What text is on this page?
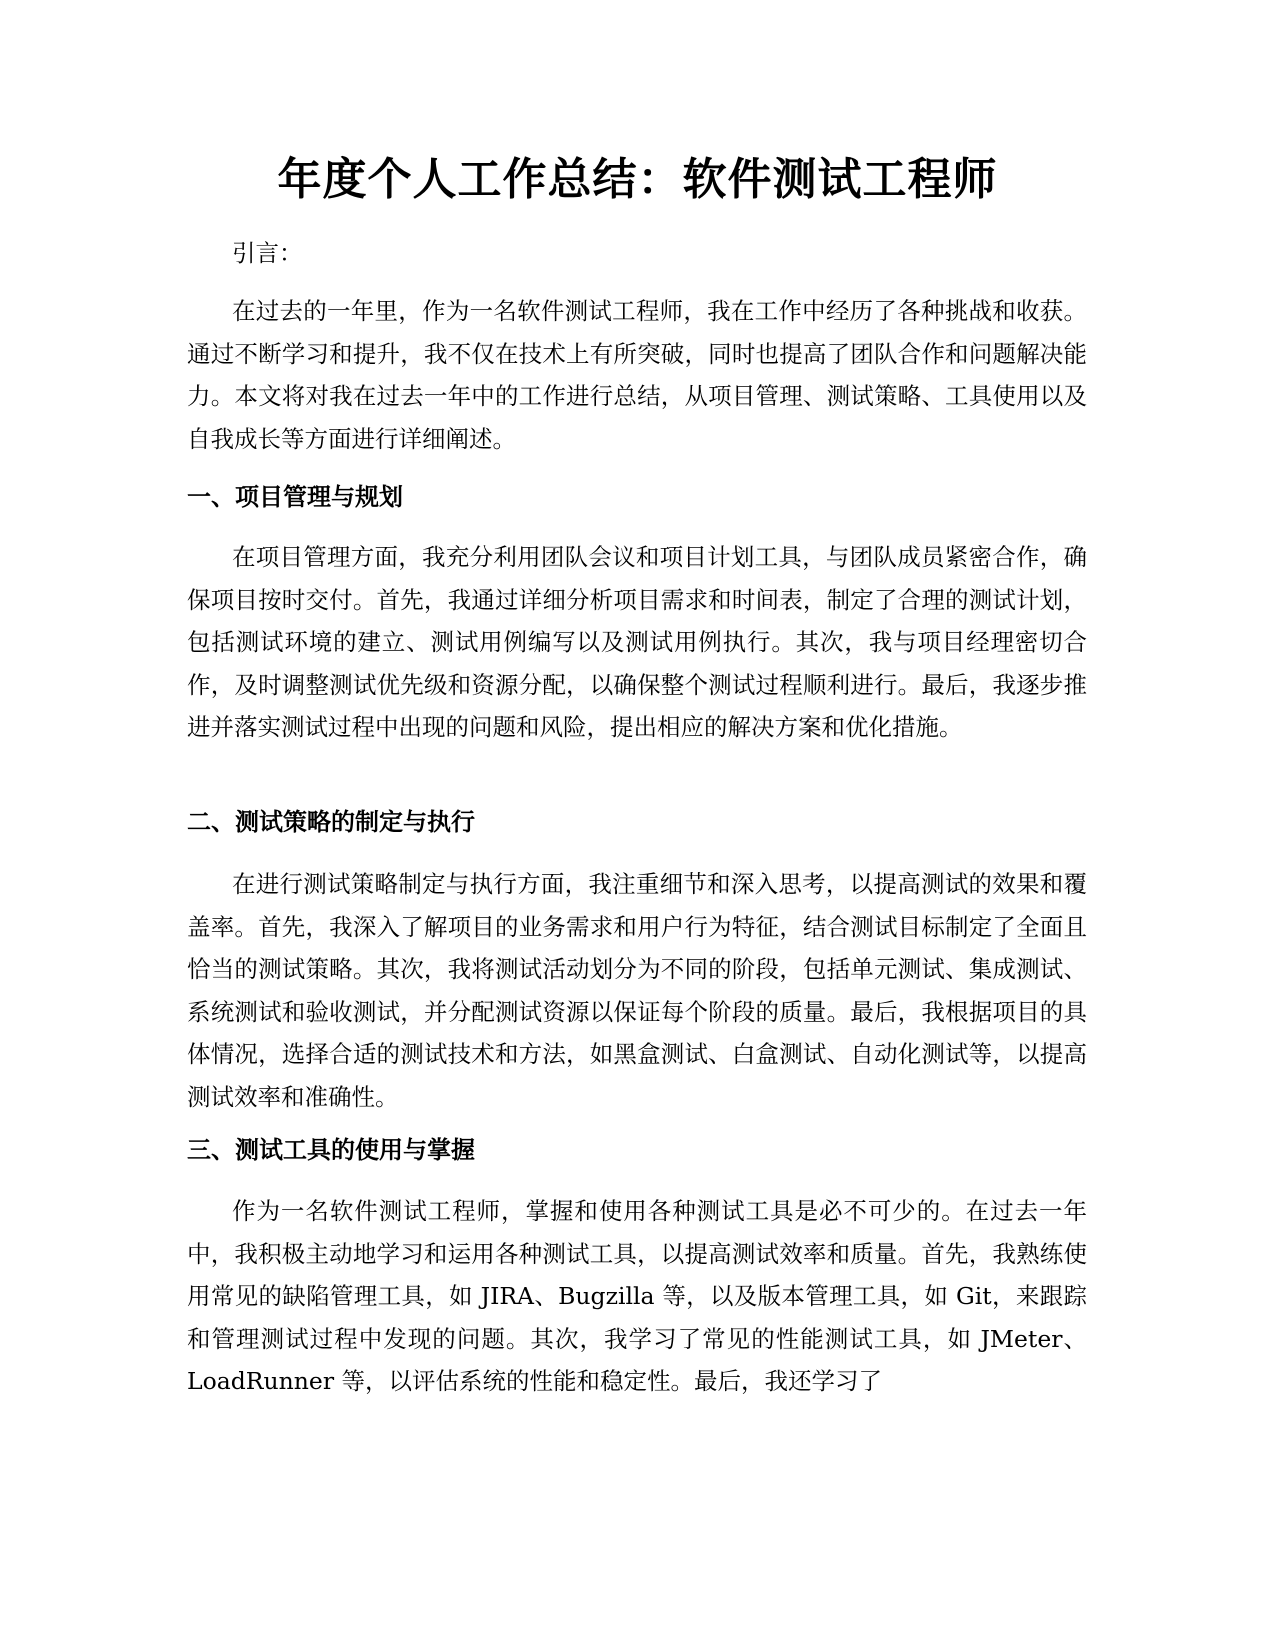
年度个人工作总结：软件测试工程师

引言：

在过去的一年里，作为一名软件测试工程师，我在工作中经历了各种挑战和收获。通过不断学习和提升，我不仅在技术上有所突破，同时也提高了团队合作和问题解决能力。本文将对我在过去一年中的工作进行总结，从项目管理、测试策略、工具使用以及自我成长等方面进行详细阐述。

一、项目管理与规划

在项目管理方面，我充分利用团队会议和项目计划工具，与团队成员紧密合作，确保项目按时交付。首先，我通过详细分析项目需求和时间表，制定了合理的测试计划，包括测试环境的建立、测试用例编写以及测试用例执行。其次，我与项目经理密切合作，及时调整测试优先级和资源分配，以确保整个测试过程顺利进行。最后，我逐步推进并落实测试过程中出现的问题和风险，提出相应的解决方案和优化措施。

二、测试策略的制定与执行

在进行测试策略制定与执行方面，我注重细节和深入思考，以提高测试的效果和覆盖率。首先，我深入了解项目的业务需求和用户行为特征，结合测试目标制定了全面且恰当的测试策略。其次，我将测试活动划分为不同的阶段，包括单元测试、集成测试、系统测试和验收测试，并分配测试资源以保证每个阶段的质量。最后，我根据项目的具体情况，选择合适的测试技术和方法，如黑盒测试、白盒测试、自动化测试等，以提高测试效率和准确性。

三、测试工具的使用与掌握

作为一名软件测试工程师，掌握和使用各种测试工具是必不可少的。在过去一年中，我积极主动地学习和运用各种测试工具，以提高测试效率和质量。首先，我熟练使用常见的缺陷管理工具，如 JIRA、Bugzilla 等，以及版本管理工具，如 Git，来跟踪和管理测试过程中发现的问题。其次，我学习了常见的性能测试工具，如 JMeter、LoadRunner 等，以评估系统的性能和稳定性。最后，我还学习了
